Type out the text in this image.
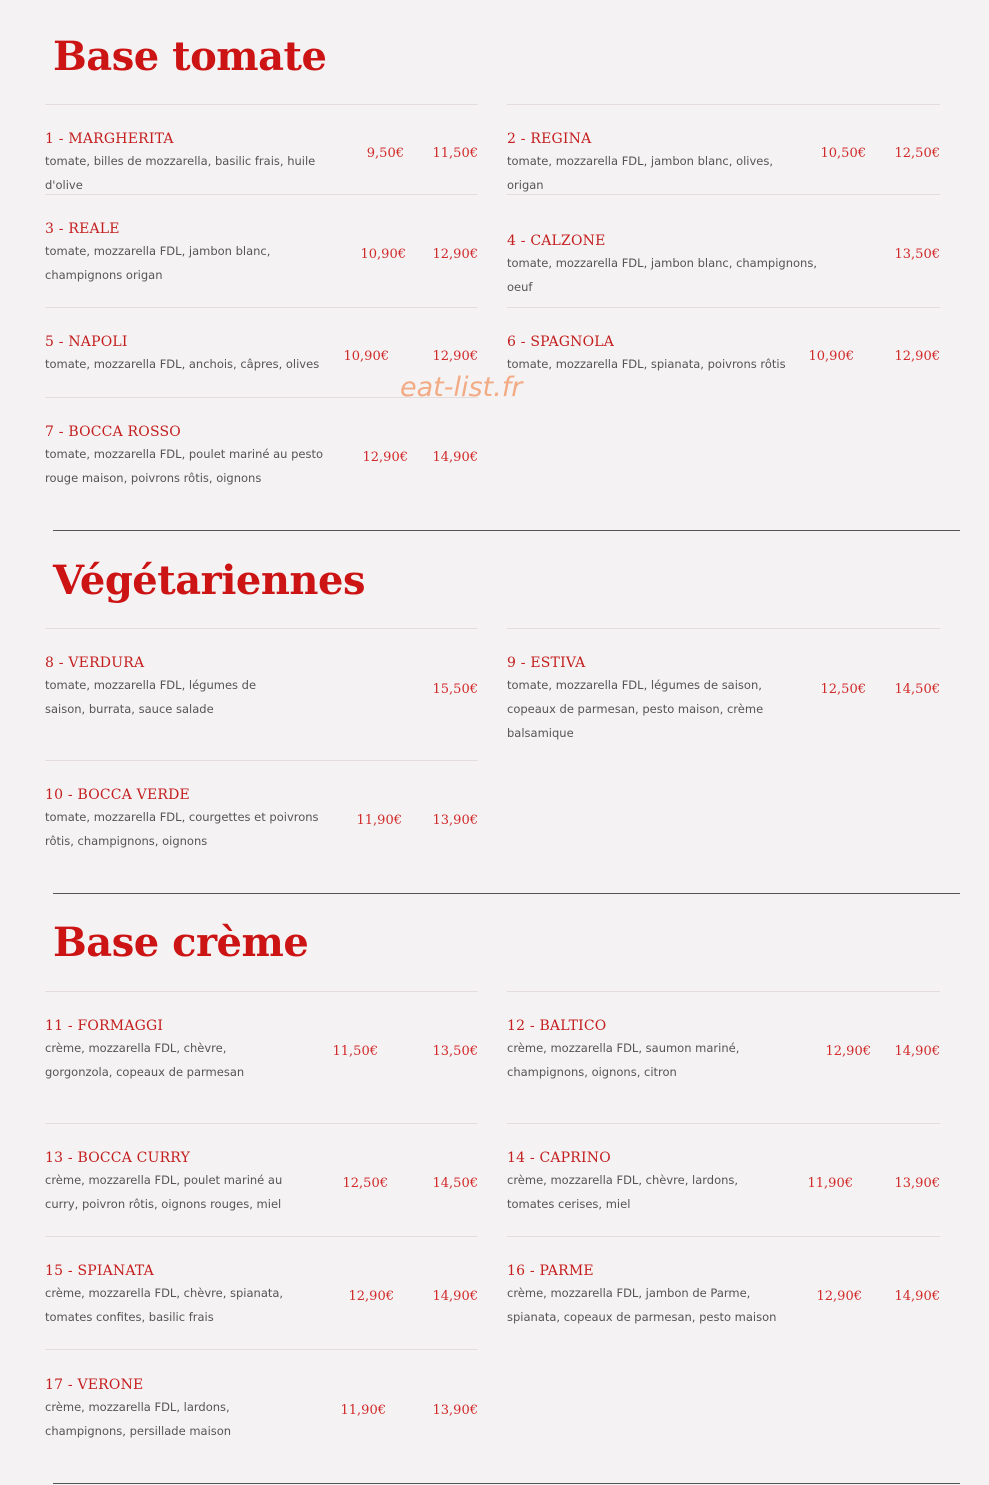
Base tomate
1 - MARGHERITA
tomate, billes de mozzarella, basilic frais, huile d'olive
9,50€ 11,50€
2 - REGINA
tomate, mozzarella FDL, jambon blanc, olives, origan
10,50€ 12,50€
3 - REALE
tomate, mozzarella FDL, jambon blanc, champignons origan
10,90€ 12,90€
4 - CALZONE
tomate, mozzarella FDL, jambon blanc, champignons, oeuf
13,50€
5 - NAPOLI
tomate, mozzarella FDL, anchois, câpres, olives	10,90€	12,90€
6 - SPAGNOLA
tomate, mozzarella FDL, spianata, poivrons rôtis	10,90€	12,90€
7 - BOCCA ROSSO
tomate, mozzarella FDL, poulet mariné au pesto rouge maison, poivrons rôtis, oignons
12,90€ 14,90€
eat-list.fr
Végétariennes
8 - VERDURA
tomate, mozzarella FDL, légumes de saison, burrata, sauce salade
15,50€
9 - ESTIVA
tomate, mozzarella FDL, légumes de saison, copeaux de parmesan, pesto maison, crème balsamique
12,50€ 14,50€
10 - BOCCA VERDE
tomate, mozzarella FDL, courgettes et poivrons rôtis, champignons, oignons
11,90€ 13,90€
Base crème
11 - FORMAGGI
crème, mozzarella FDL, chèvre, gorgonzola, copeaux de parmesan
11,50€	13,50€
12 - BALTICO
crème, mozzarella FDL, saumon mariné, champignons, oignons, citron
12,90€ 14,90€
13 - BOCCA CURRY
crème, mozzarella FDL, poulet mariné au curry, poivron rôtis, oignons rouges, miel
12,50€	14,50€
14 - CAPRINO
crème, mozzarella FDL, chèvre, lardons, tomates cerises, miel
11,90€	13,90€
15 - SPIANATA
crème, mozzarella FDL, chèvre, spianata, tomates confites, basilic frais
12,90€	14,90€
16 - PARME
crème, mozzarella FDL, jambon de Parme, spianata, copeaux de parmesan, pesto maison
12,90€	14,90€
17 - VERONE
crème, mozzarella FDL, lardons, champignons, persillade maison
11,90€	13,90€
